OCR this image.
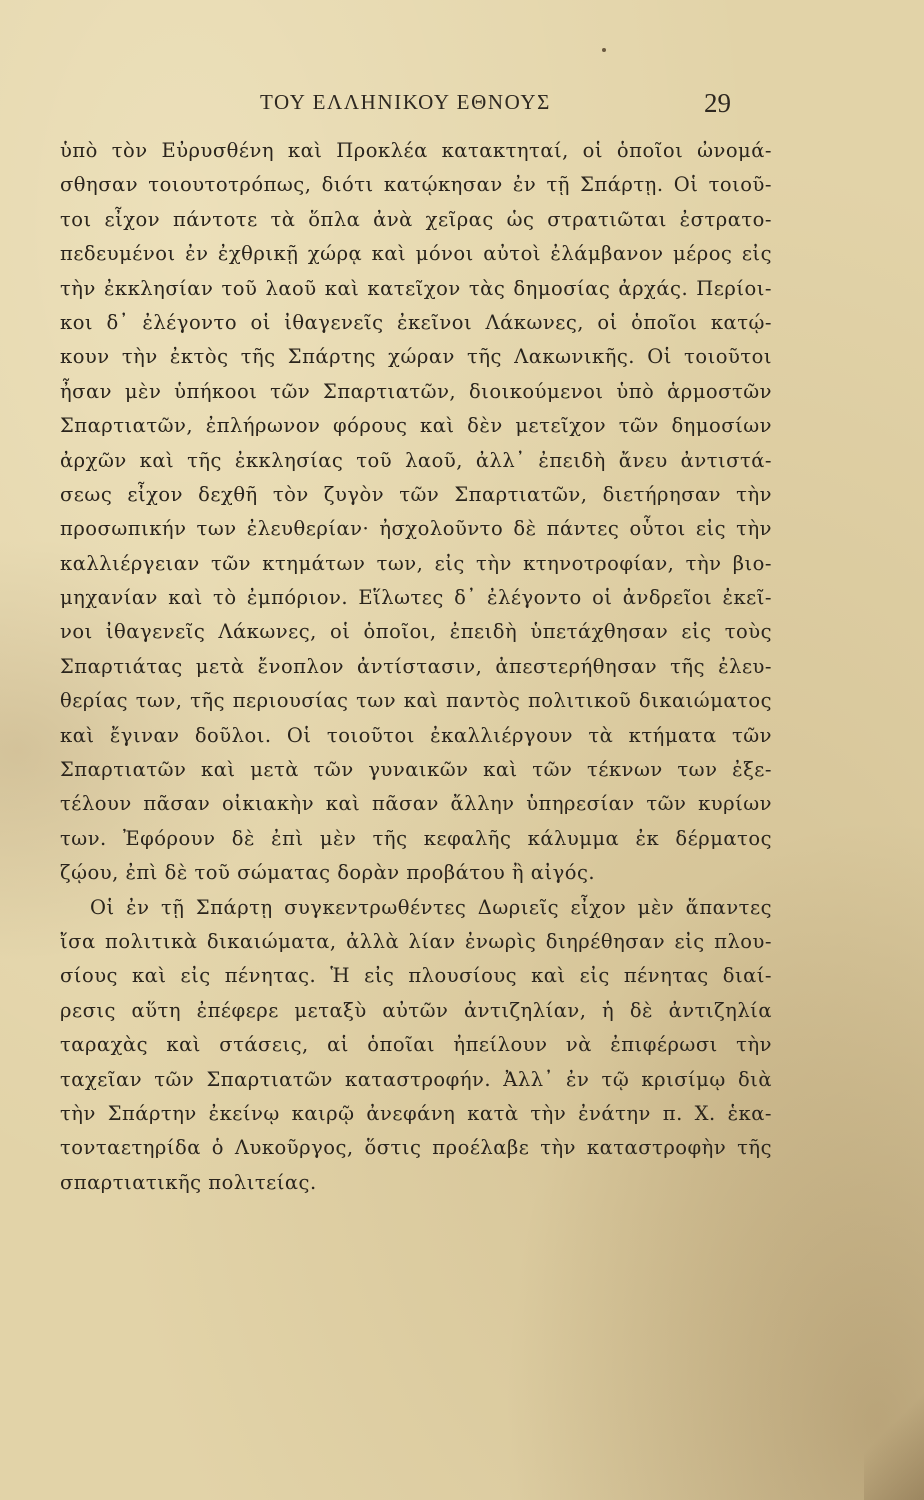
ΤΟΥ ΕΛΛΗΝΙΚΟΥ ΕΘΝΟΥΣ	29
ὑπὸ τὸν Εὐρυσθένη καὶ Προκλέα κατακτηταί, οἱ ὁποῖοι ὠνομά-
σθησαν τοιουτοτρόπως, διότι κατῴκησαν ἐν τῇ Σπάρτῃ. Οἱ τοιοῦ-
τοι εἶχον πάντοτε τὰ ὅπλα ἀνὰ χεῖρας ὡς στρατιῶται ἐστρατο-
πεδευμένοι ἐν ἐχθρικῇ χώρᾳ καὶ μόνοι αὐτοὶ ἐλάμβανον μέρος εἰς
τὴν ἐκκλησίαν τοῦ λαοῦ καὶ κατεῖχον τὰς δημοσίας ἀρχάς. Περίοι-
κοι δ᾽ ἐλέγοντο οἱ ἰθαγενεῖς ἐκεῖνοι Λάκωνες, οἱ ὁποῖοι κατῴ-
κουν τὴν ἐκτὸς τῆς Σπάρτης χώραν τῆς Λακωνικῆς. Οἱ τοιοῦτοι
ἦσαν μὲν ὑπήκοοι τῶν Σπαρτιατῶν, διοικούμενοι ὑπὸ ἁρμοστῶν
Σπαρτιατῶν, ἐπλήρωνον φόρους καὶ δὲν μετεῖχον τῶν δημοσίων
ἀρχῶν καὶ τῆς ἐκκλησίας τοῦ λαοῦ, ἀλλ᾽ ἐπειδὴ ἄνευ ἀντιστά-
σεως εἶχον δεχθῆ τὸν ζυγὸν τῶν Σπαρτιατῶν, διετήρησαν τὴν
προσωπικήν των ἐλευθερίαν· ἠσχολοῦντο δὲ πάντες οὗτοι εἰς τὴν
καλλιέργειαν τῶν κτημάτων των, εἰς τὴν κτηνοτροφίαν, τὴν βιο-
μηχανίαν καὶ τὸ ἐμπόριον. Εἵλωτες δ᾽ ἐλέγοντο οἱ ἀνδρεῖοι ἐκεῖ-
νοι ἰθαγενεῖς Λάκωνες, οἱ ὁποῖοι, ἐπειδὴ ὑπετάχθησαν εἰς τοὺς
Σπαρτιάτας μετὰ ἔνοπλον ἀντίστασιν, ἀπεστερήθησαν τῆς ἐλευ-
θερίας των, τῆς περιουσίας των καὶ παντὸς πολιτικοῦ δικαιώματος
καὶ ἔγιναν δοῦλοι. Οἱ τοιοῦτοι ἐκαλλιέργουν τὰ κτήματα τῶν
Σπαρτιατῶν καὶ μετὰ τῶν γυναικῶν καὶ τῶν τέκνων των ἐξε-
τέλουν πᾶσαν οἰκιακὴν καὶ πᾶσαν ἄλλην ὑπηρεσίαν τῶν κυρίων
των. Ἐφόρουν δὲ ἐπὶ μὲν τῆς κεφαλῆς κάλυμμα ἐκ δέρματος
ζῴου, ἐπὶ δὲ τοῦ σώματας δορὰν προβάτου ἢ αἰγός.
Οἱ ἐν τῇ Σπάρτῃ συγκεντρωθέντες Δωριεῖς εἶχον μὲν ἅπαντες
ἴσα πολιτικὰ δικαιώματα, ἀλλὰ λίαν ἐνωρὶς διηρέθησαν εἰς πλου-
σίους καὶ εἰς πένητας. Ἡ εἰς πλουσίους καὶ εἰς πένητας διαί-
ρεσις αὕτη ἐπέφερε μεταξὺ αὐτῶν ἀντιζηλίαν, ἡ δὲ ἀντιζηλία
ταραχὰς καὶ στάσεις, αἱ ὁποῖαι ἠπείλουν νὰ ἐπιφέρωσι τὴν
ταχεῖαν τῶν Σπαρτιατῶν καταστροφήν. Ἀλλ᾽ ἐν τῷ κρισίμῳ διὰ
τὴν Σπάρτην ἐκείνῳ καιρῷ ἀνεφάνη κατὰ τὴν ἐνάτην π. Χ. ἑκα-
τονταετηρίδα ὁ Λυκοῦργος, ὅστις προέλαβε τὴν καταστροφὴν τῆς
σπαρτιατικῆς πολιτείας.
